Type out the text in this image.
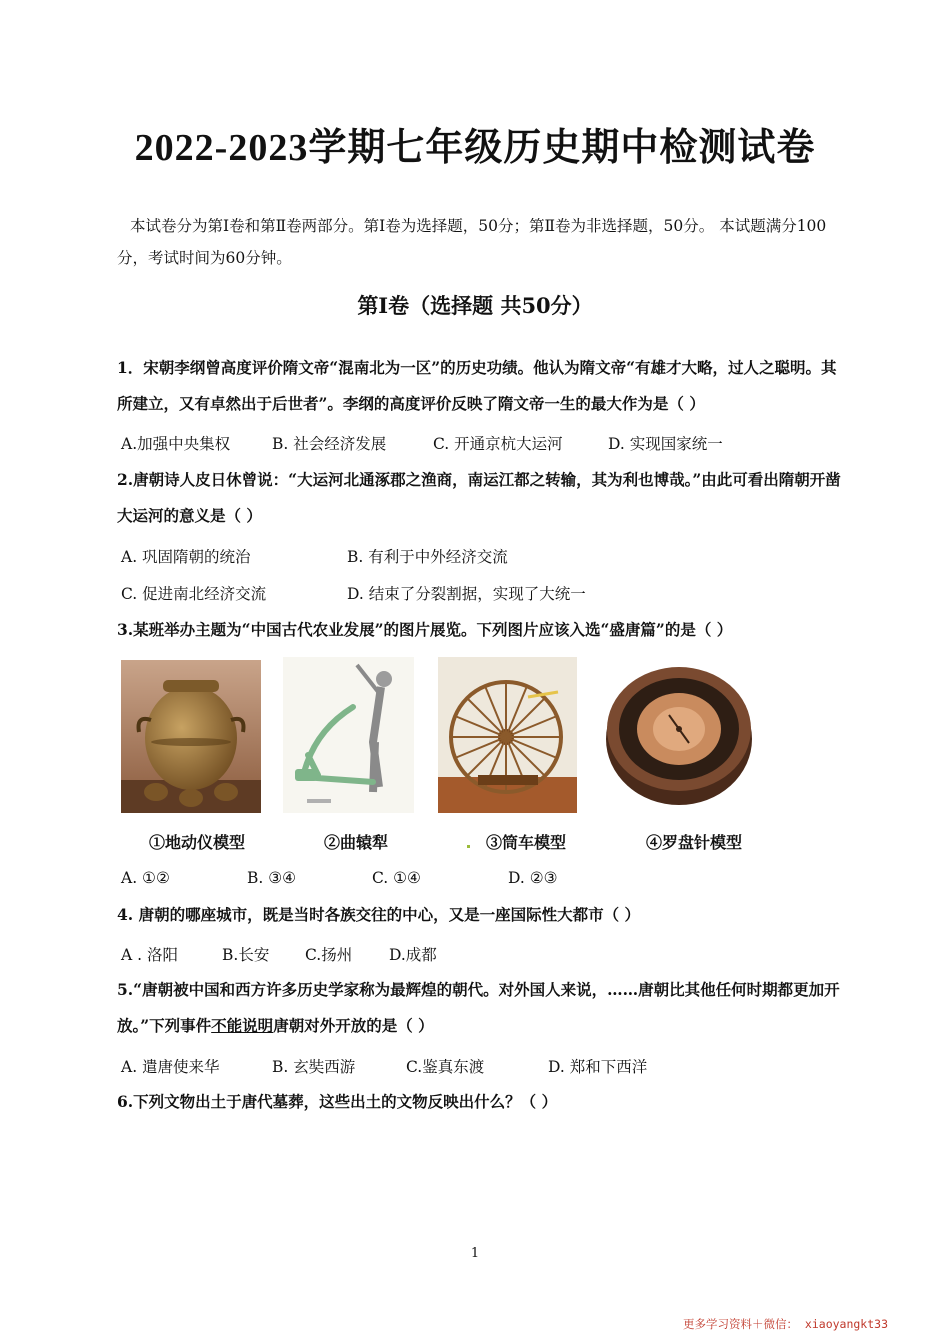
2022-2023学期七年级历史期中检测试卷
本试卷分为第Ⅰ卷和第Ⅱ卷两部分。第Ⅰ卷为选择题，50分；第Ⅱ卷为非选择题，50分。 本试题满分100分，考试时间为60分钟。
第Ⅰ卷（选择题 共50分）
1．宋朝李纲曾高度评价隋文帝“混南北为一区”的历史功绩。他认为隋文帝“有雄才大略，过人之聪明。其所建立，又有卓然出于后世者”。李纲的高度评价反映了隋文帝一生的最大作为是（ ）
A.加强中央集权	B. 社会经济发展	C. 开通京杭大运河	D. 实现国家统一
2.唐朝诗人皮日休曾说：“大运河北通涿郡之渔商，南运江都之转输，其为利也博哉。”由此可看出隋朝开凿大运河的意义是（ ）
A. 巩固隋朝的统治	B. 有利于中外经济交流
C. 促进南北经济交流	D. 结束了分裂割据，实现了大统一
3.某班举办主题为“中国古代农业发展”的图片展览。下列图片应该入选“盛唐篇”的是（ ）
①地动仪模型	②曲辕犁	③筒车模型	④罗盘针模型
A. ①②	B. ③④	C. ①④	D. ②③
4. 唐朝的哪座城市，既是当时各族交往的中心，又是一座国际性大都市（ ）
A . 洛阳	B.长安 C.扬州 D.成都
5.“唐朝被中国和西方许多历史学家称为最辉煌的朝代。对外国人来说，……唐朝比其他任何时期都更加开放。”下列事件不能说明唐朝对外开放的是（ ）
A. 遣唐使来华	B. 玄奘西游	C.鉴真东渡	D. 郑和下西洋
6.下列文物出土于唐代墓葬，这些出土的文物反映出什么？（ ）
1
更多学习资料＋微信： xiaoyangkt33
